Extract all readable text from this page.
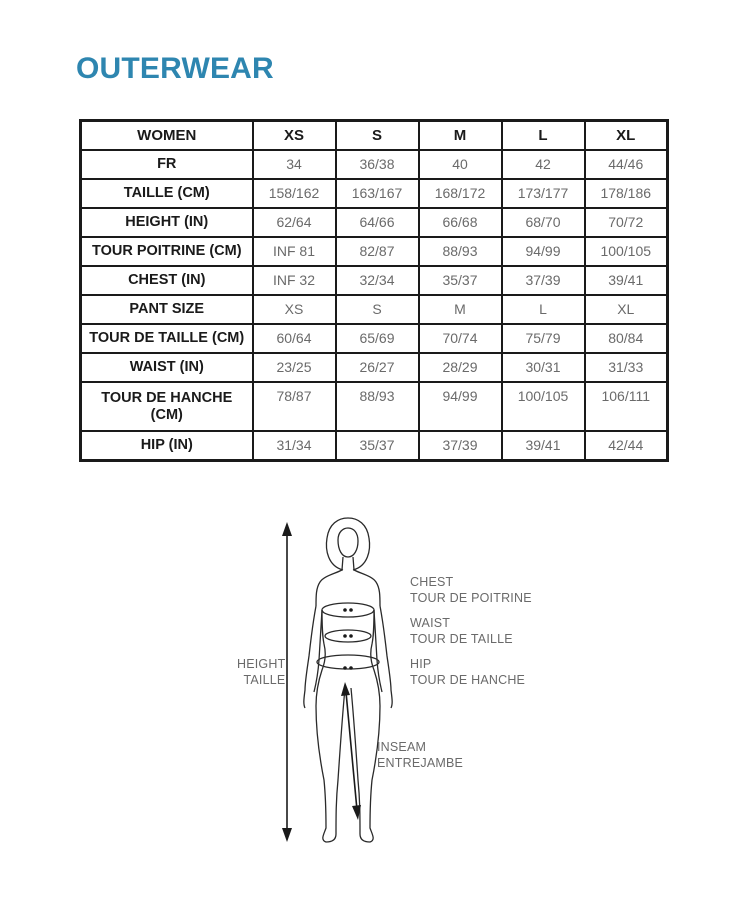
OUTERWEAR
WOMEN	XS	S	M	L	XL
FR	34	36/38	40	42	44/46
TAILLE (CM)	158/162	163/167	168/172	173/177	178/186
HEIGHT (IN)	62/64	64/66	66/68	68/70	70/72
TOUR POITRINE (CM)	INF 81	82/87	88/93	94/99	100/105
CHEST (IN)	INF 32	32/34	35/37	37/39	39/41
PANT SIZE	XS	S	M	L	XL
TOUR DE TAILLE (CM)	60/64	65/69	70/74	75/79	80/84
WAIST (IN)	23/25	26/27	28/29	30/31	31/33
TOUR DE HANCHE (CM)	78/87	88/93	94/99	100/105	106/111
HIP (IN)	31/34	35/37	37/39	39/41	42/44
HEIGHT
TAILLE
CHEST
TOUR DE POITRINE
WAIST
TOUR DE TAILLE
HIP
TOUR DE HANCHE
INSEAM
ENTREJAMBE
